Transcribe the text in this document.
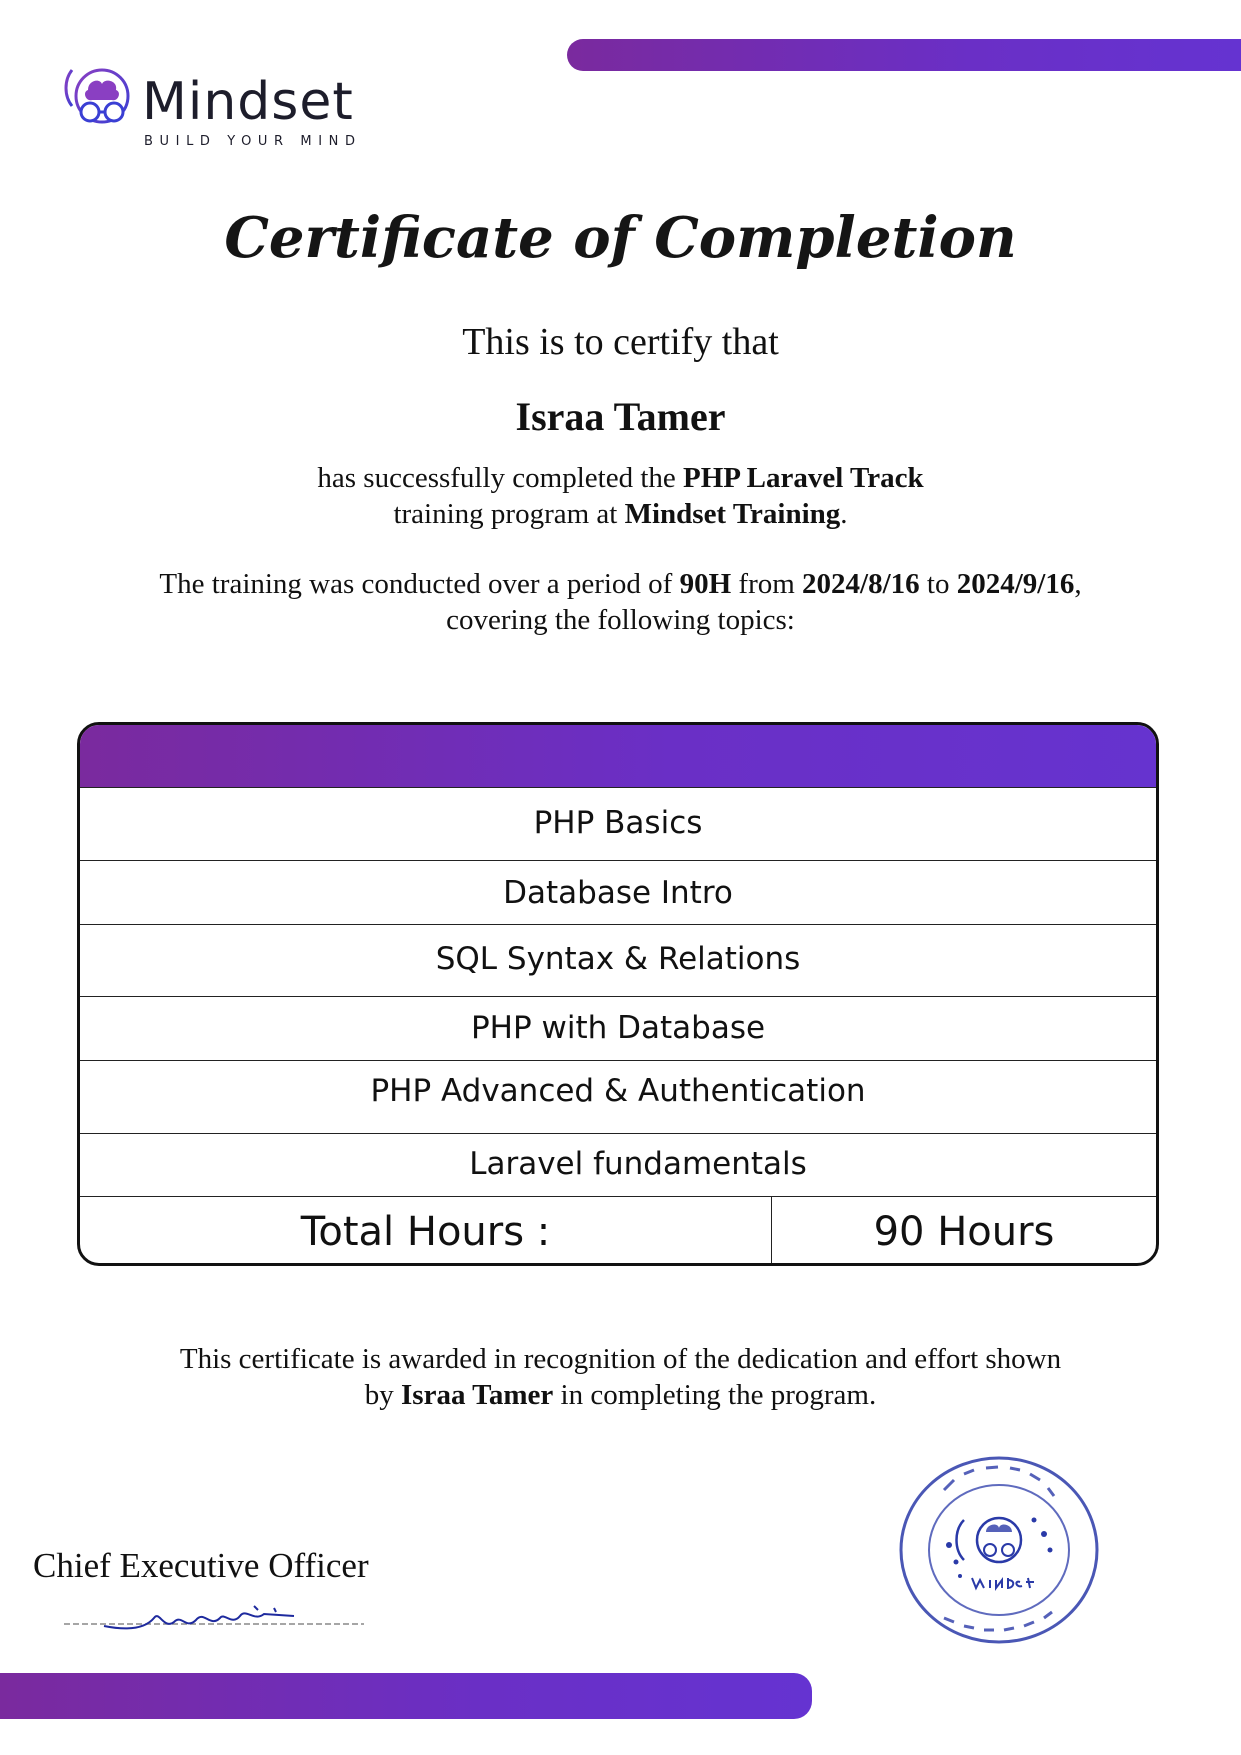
Mindset
BUILD YOUR MIND
Certificate of Completion
This is to certify that
Israa Tamer
has successfully completed the PHP Laravel Track
training program at Mindset Training.
The training was conducted over a period of 90H from 2024/8/16 to 2024/9/16,
covering the following topics:
PHP Basics
Database Intro
SQL Syntax & Relations
PHP with Database
PHP Advanced & Authentication
Laravel fundamentals
Total Hours :	90 Hours
This certificate is awarded in recognition of the dedication and effort shown
by Israa Tamer in completing the program.
Chief Executive Officer
